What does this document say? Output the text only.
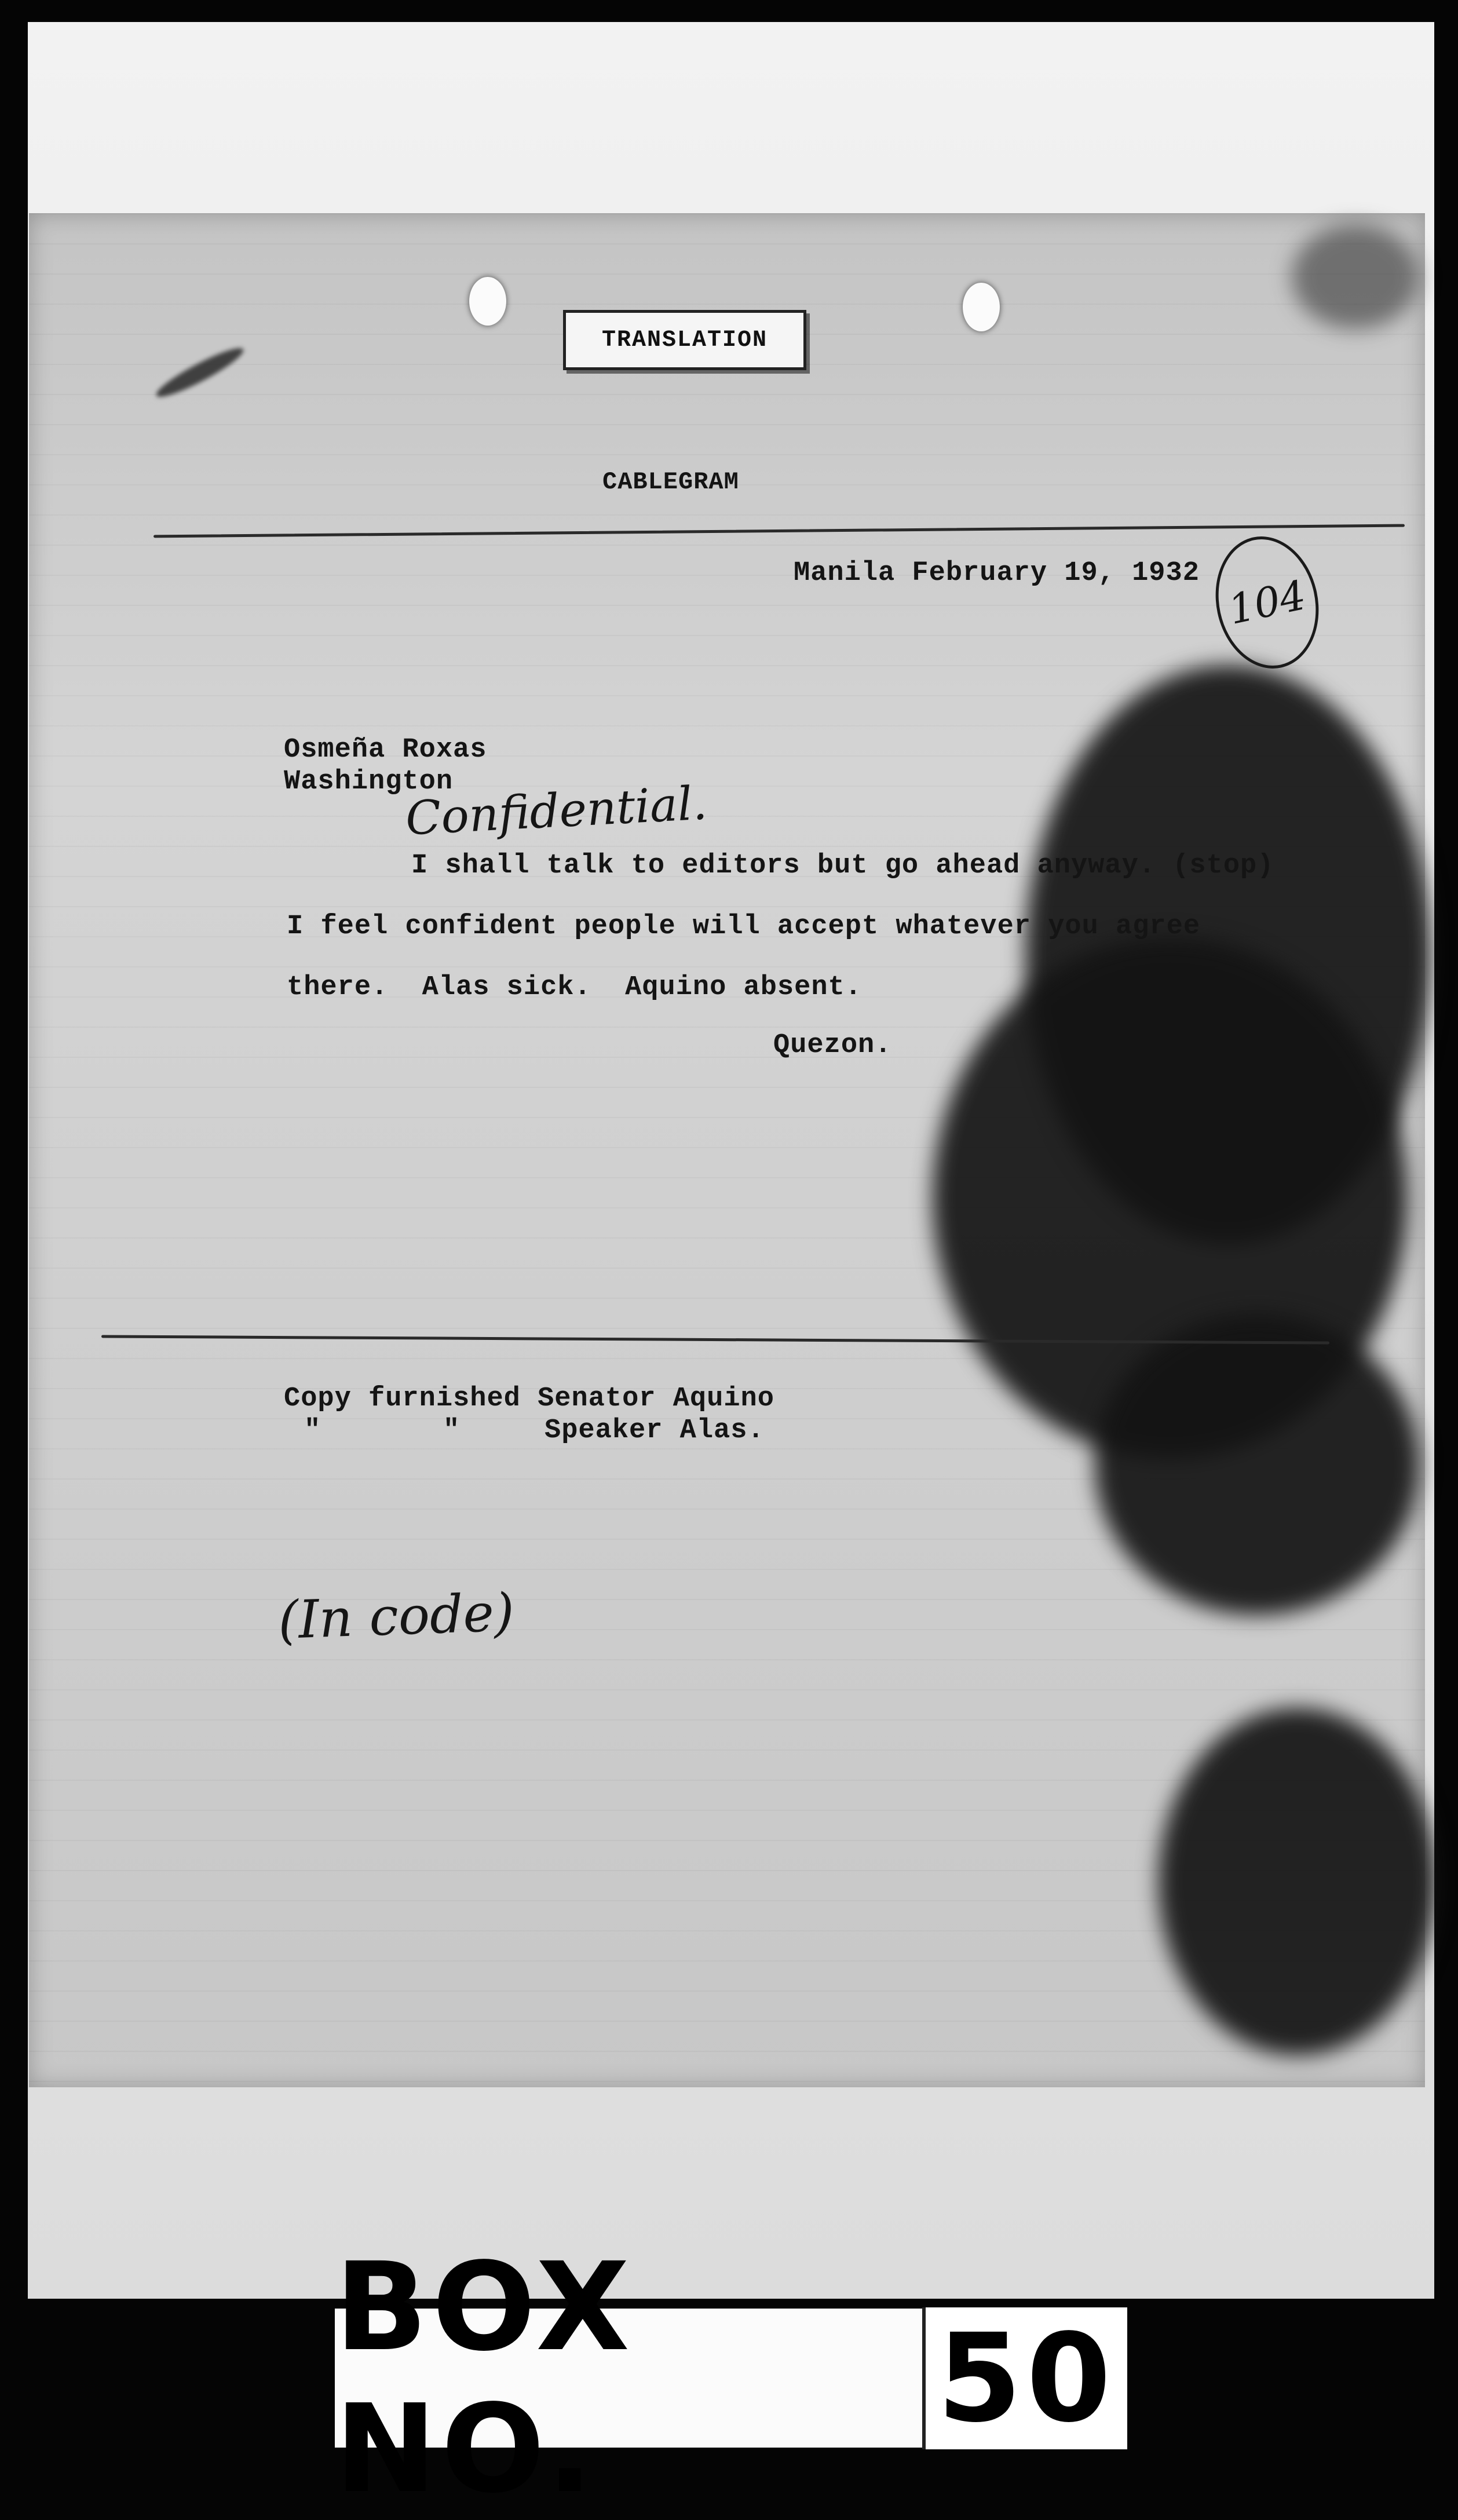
CABLEGRAM
Manila February 19, 1932
Osmeña Roxas
Washington
Confidential.
I shall talk to editors but go ahead anyway. (stop)
I feel confident people will accept whatever you agree
there.  Alas sick.  Aquino absent.
Quezon.
Copy furnished Senator Aquino
"	"	Speaker Alas.
(In code)
TRANSLATION
104
BOX NO.	50
